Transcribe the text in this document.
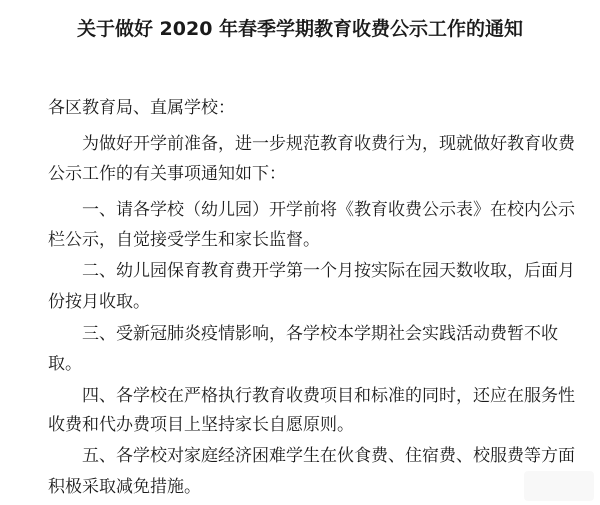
关于做好 2020 年春季学期教育收费公示工作的通知
各区教育局、直属学校：
为做好开学前准备，进一步规范教育收费行为，现就做好教育收费
公示工作的有关事项通知如下：
一、请各学校（幼儿园）开学前将《教育收费公示表》在校内公示
栏公示，自觉接受学生和家长监督。
二、幼儿园保育教育费开学第一个月按实际在园天数收取，后面月
份按月收取。
三、受新冠肺炎疫情影响，各学校本学期社会实践活动费暂不收
取。
四、各学校在严格执行教育收费项目和标准的同时，还应在服务性
收费和代办费项目上坚持家长自愿原则。
五、各学校对家庭经济困难学生在伙食费、住宿费、校服费等方面
积极采取减免措施。
